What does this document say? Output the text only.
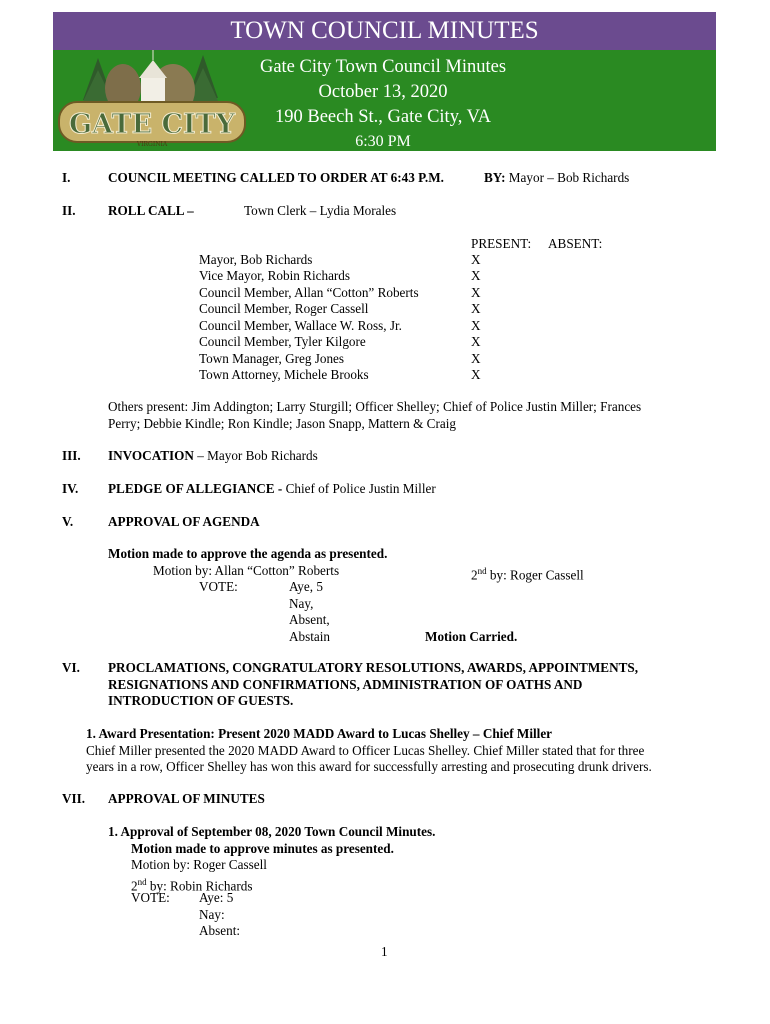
TOWN COUNCIL MINUTES
Gate City Town Council Minutes
October 13, 2020
190 Beech St., Gate City, VA
6:30 PM
GATE CITY
VIRGINIA
I.	COUNCIL MEETING CALLED TO ORDER AT 6:43 P.M.	BY: Mayor – Bob Richards
II. ROLL CALL –	Town Clerk – Lydia Morales
PRESENT: ABSENT:
Mayor, Bob Richards	X
Vice Mayor, Robin Richards	X
Council Member, Allan “Cotton” Roberts	X
Council Member, Roger Cassell	X
Council Member, Wallace W. Ross, Jr.	X
Council Member, Tyler Kilgore	X
Town Manager, Greg Jones	X
Town Attorney, Michele Brooks	X
Others present: Jim Addington; Larry Sturgill; Officer Shelley; Chief of Police Justin Miller; Frances
Perry; Debbie Kindle; Ron Kindle; Jason Snapp, Mattern & Craig
III. INVOCATION – Mayor Bob Richards
IV. PLEDGE OF ALLEGIANCE - Chief of Police Justin Miller
V.	APPROVAL OF AGENDA
Motion made to approve the agenda as presented.
Motion by: Allan “Cotton” Roberts	2nd by: Roger Cassell
VOTE:	Aye, 5
Nay,
Absent,
Abstain	Motion Carried.
VI. PROCLAMATIONS, CONGRATULATORY RESOLUTIONS, AWARDS, APPOINTMENTS,
RESIGNATIONS AND CONFIRMATIONS, ADMINISTRATION OF OATHS AND
INTRODUCTION OF GUESTS.
1. Award Presentation: Present 2020 MADD Award to Lucas Shelley – Chief Miller
Chief Miller presented the 2020 MADD Award to Officer Lucas Shelley. Chief Miller stated that for three
years in a row, Officer Shelley has won this award for successfully arresting and prosecuting drunk drivers.
VII. APPROVAL OF MINUTES
1. Approval of September 08, 2020 Town Council Minutes.
Motion made to approve minutes as presented.
Motion by: Roger Cassell
2nd by: Robin Richards
VOTE: Aye: 5
Nay:
Absent:
1
